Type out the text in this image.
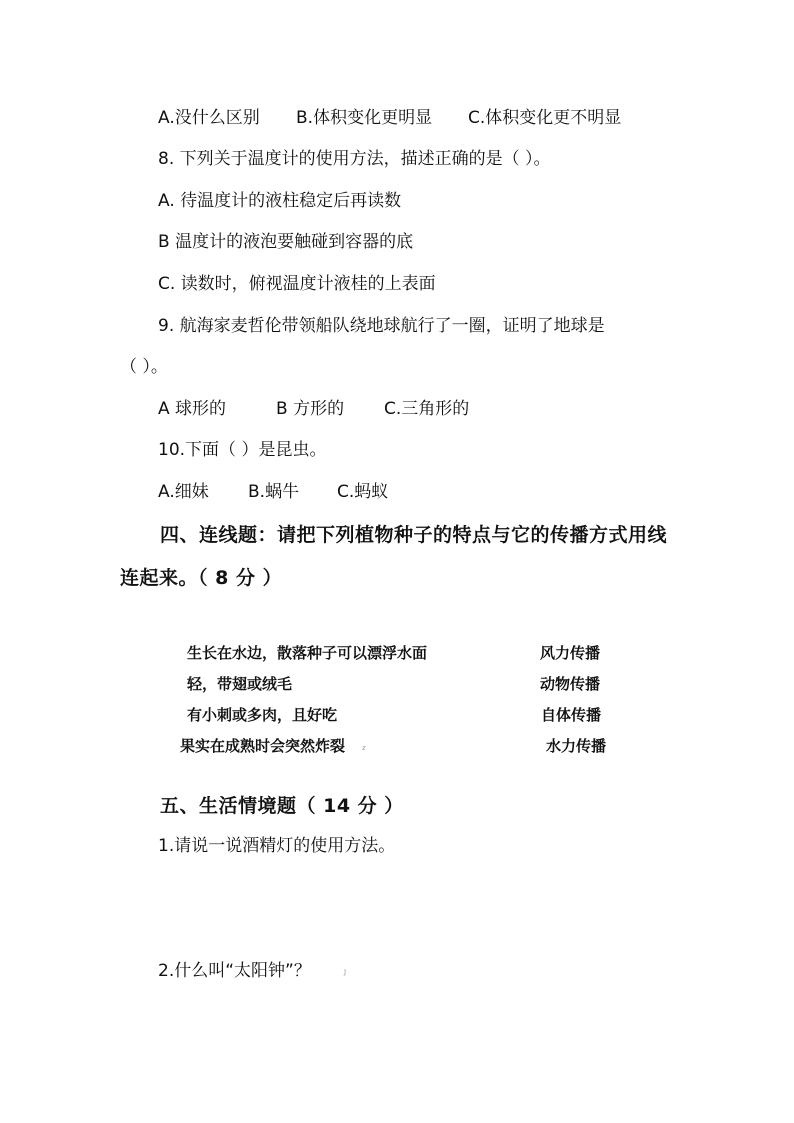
A.没什么区别 B.体积变化更明显 C.体积变化更不明显
8. 下列关于温度计的使用方法，描述正确的是（ ）。
A. 待温度计的液柱稳定后再读数
B 温度计的液泡要触碰到容器的底
C. 读数时，俯视温度计液桂的上表面
9. 航海家麦哲伦带领船队绕地球航行了一圈，证明了地球是
（ ）。
A 球形的	B 方形的 C.三角形的
10.下面（ ）是昆虫。
A.细妹 B.蜗牛 C.蚂蚁
四、连线题：请把下列植物种子的特点与它的传播方式用线
连起来。（ 8 分 ）
生长在水边，散落种子可以漂浮水面
轻，带翅或绒毛
有小刺或多肉，且好吃
果实在成熟时会突然炸裂 z
风力传播
动物传播
自体传播
水力传播
五、生活情境题（ 14 分 ）
1.请说一说酒精灯的使用方法。
2.什么叫“太阳钟”？	J
